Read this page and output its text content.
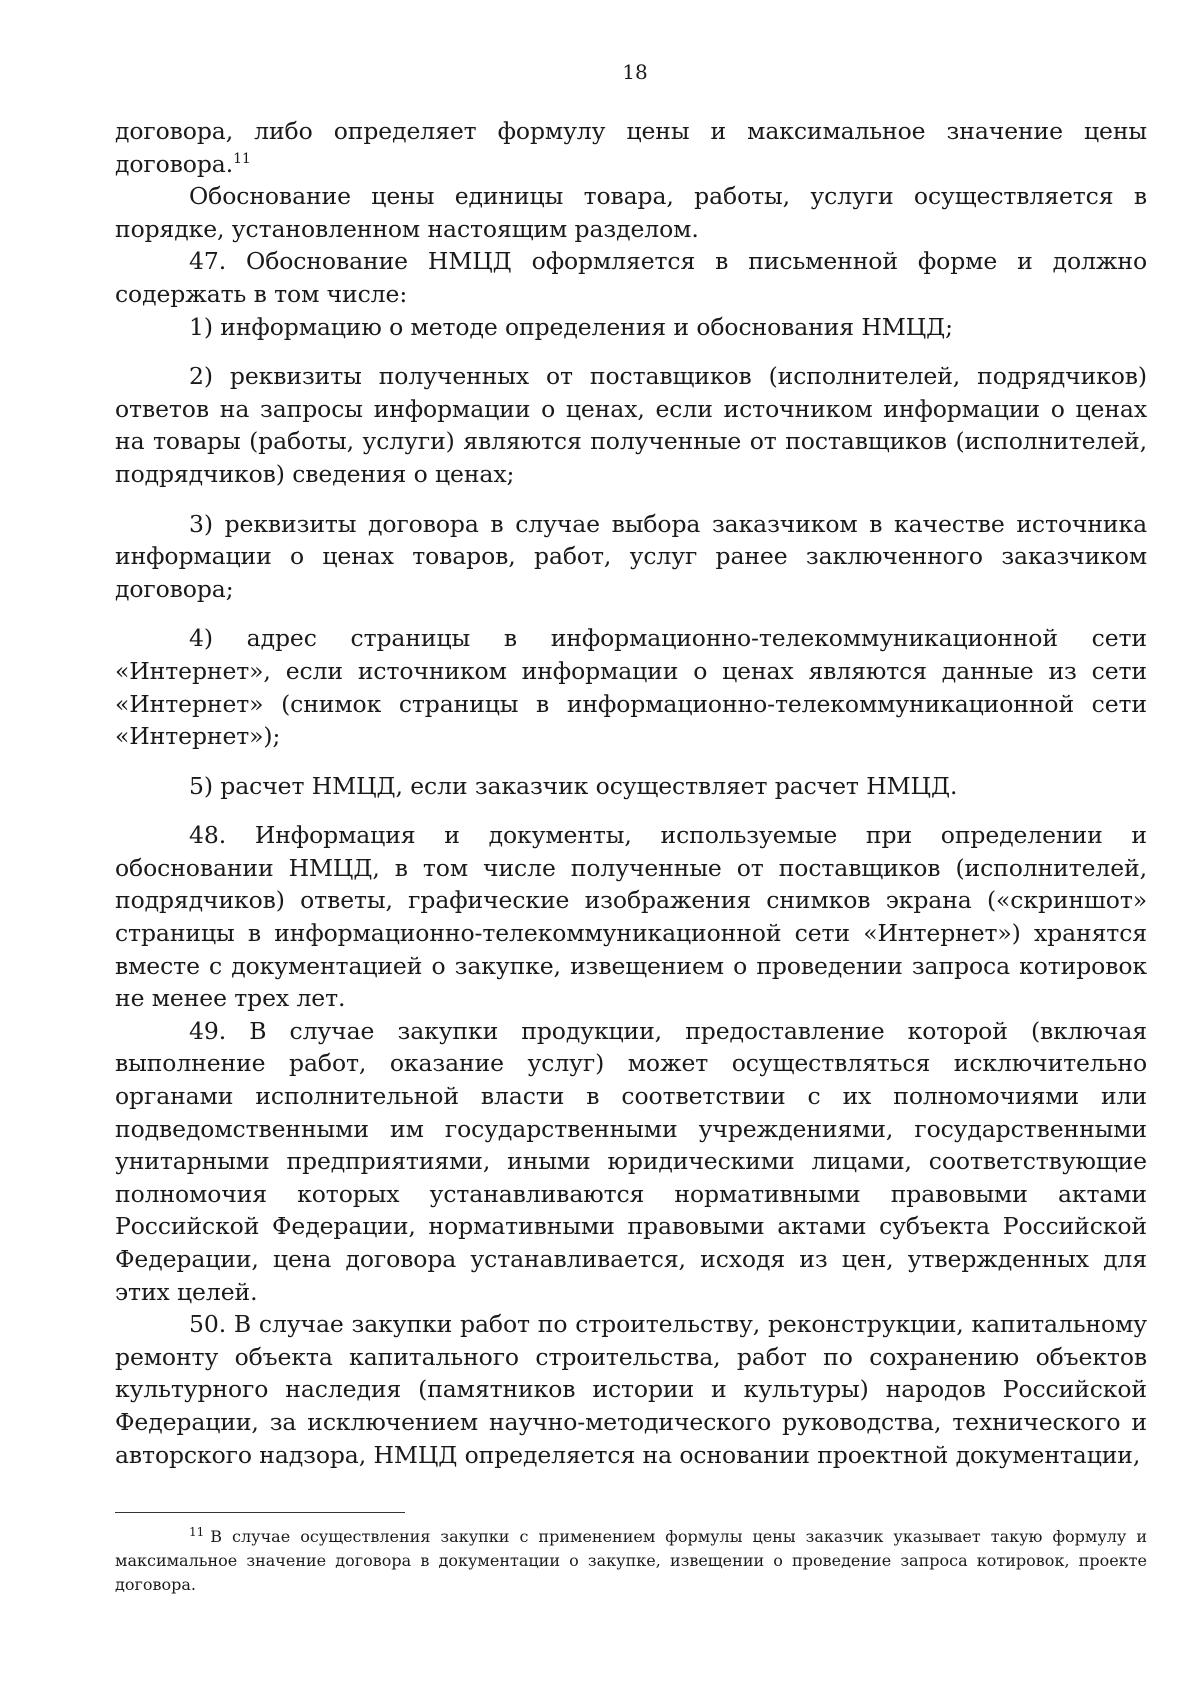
18

договора, либо определяет формулу цены и максимальное значение цены договора.$^{11}$

Обоснование цены единицы товара, работы, услуги осуществляется в порядке, установленном настоящим разделом.

47. Обоснование НМЦД оформляется в письменной форме и должно содержать в том числе:

1) информацию о методе определения и обоснования НМЦД;

2) реквизиты полученных от поставщиков (исполнителей, подрядчиков) ответов на запросы информации о ценах, если источником информации о ценах на товары (работы, услуги) являются полученные от поставщиков (исполнителей, подрядчиков) сведения о ценах;

3) реквизиты договора в случае выбора заказчиком в качестве источника информации о ценах товаров, работ, услуг ранее заключенного заказчиком договора;

4) адрес страницы в информационно-телекоммуникационной сети «Интернет», если источником информации о ценах являются данные из сети «Интернет» (снимок страницы в информационно-телекоммуникационной сети «Интернет»);

5) расчет НМЦД, если заказчик осуществляет расчет НМЦД.

48. Информация и документы, используемые при определении и обосновании НМЦД, в том числе полученные от поставщиков (исполнителей, подрядчиков) ответы, графические изображения снимков экрана («скриншот» страницы в информационно-телекоммуникационной сети «Интернет») хранятся вместе с документацией о закупке, извещением о проведении запроса котировок не менее трех лет.

49. В случае закупки продукции, предоставление которой (включая выполнение работ, оказание услуг) может осуществляться исключительно органами исполнительной власти в соответствии с их полномочиями или подведомственными им государственными учреждениями, государственными унитарными предприятиями, иными юридическими лицами, соответствующие полномочия которых устанавливаются нормативными правовыми актами Российской Федерации, нормативными правовыми актами субъекта Российской Федерации, цена договора устанавливается, исходя из цен, утвержденных для этих целей.

50. В случае закупки работ по строительству, реконструкции, капитальному ремонту объекта капитального строительства, работ по сохранению объектов культурного наследия (памятников истории и культуры) народов Российской Федерации, за исключением научно-методического руководства, технического и авторского надзора, НМЦД определяется на основании проектной документации,

$^{11}$ В случае осуществления закупки с применением формулы цены заказчик указывает такую формулу и максимальное значение договора в документации о закупке, извещении о проведение запроса котировок, проекте договора.
